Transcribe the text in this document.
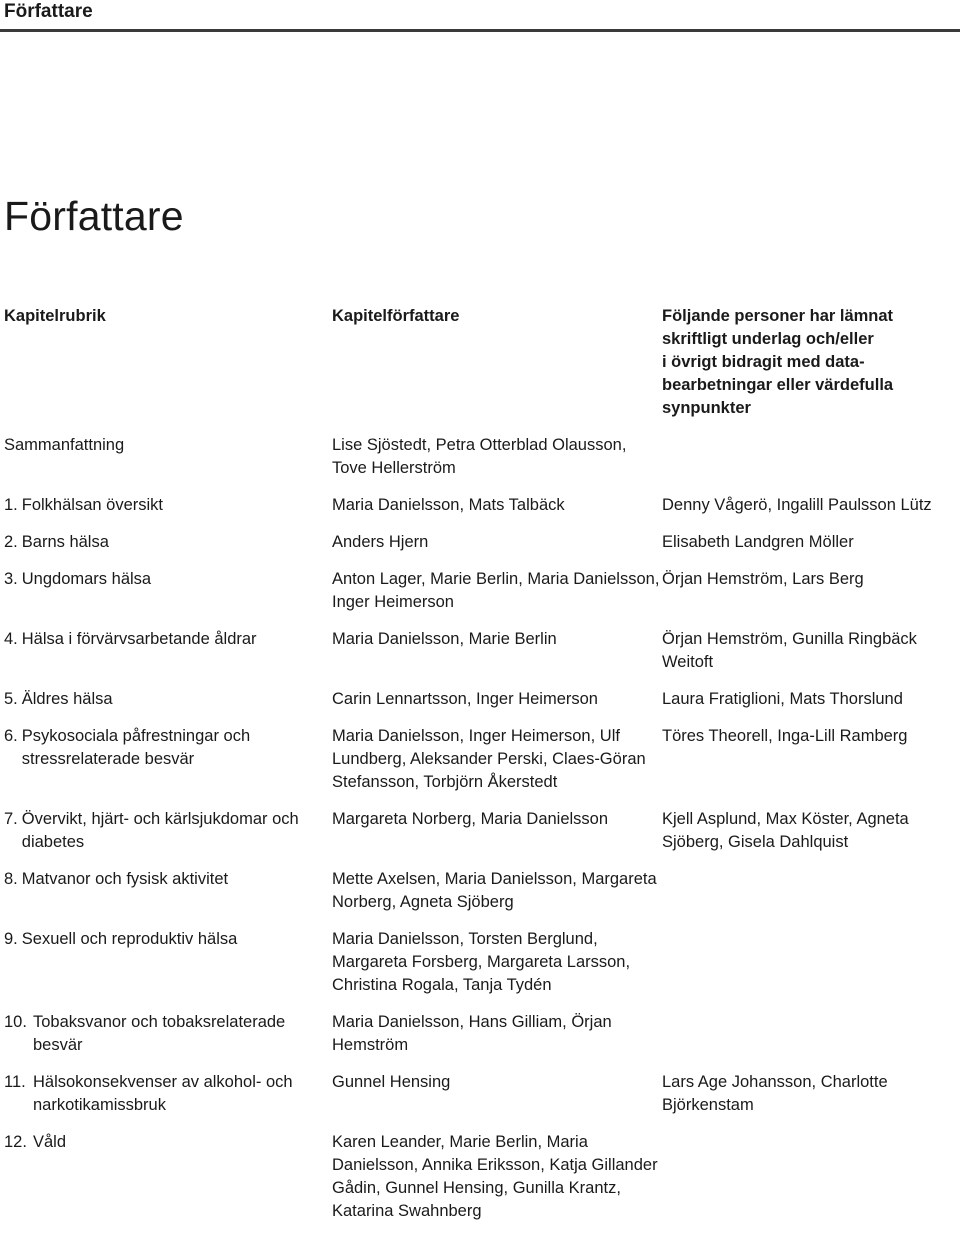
Författare
Författare
Kapitelrubrik	Kapitelförfattare	Följande personer har lämnat
skriftligt underlag och/eller
i övrigt bidragit med data-
bearbetningar eller värdefulla
synpunkter
Sammanfattning	Lise Sjöstedt, Petra Otterblad Olausson, Tove Hellerström	

1. Folkhälsan översikt	Maria Danielsson, Mats Talbäck	Denny Vågerö, Ingalill Paulsson Lütz

2. Barns hälsa	Anders Hjern	Elisabeth Landgren Möller

3. Ungdomars hälsa	Anton Lager, Marie Berlin, Maria Danielsson, Inger Heimerson	Örjan Hemström, Lars Berg

4. Hälsa i förvärvsarbetande åldrar	Maria Danielsson, Marie Berlin	Örjan Hemström, Gunilla Ringbäck Weitoft

5. Äldres hälsa	Carin Lennartsson, Inger Heimerson	Laura Fratiglioni, Mats Thorslund

6. Psykosociala påfrestningar och stressrelaterade besvär	Maria Danielsson, Inger Heimerson, Ulf Lundberg, Aleksander Perski, Claes-Göran Stefansson, Torbjörn Åkerstedt	Töres Theorell, Inga-Lill Ramberg

7. Övervikt, hjärt- och kärlsjukdomar och diabetes	Margareta Norberg, Maria Danielsson	Kjell Asplund, Max Köster, Agneta Sjöberg, Gisela Dahlquist

8. Matvanor och fysisk aktivitet	Mette Axelsen, Maria Danielsson, Margareta Norberg, Agneta Sjöberg	

9. Sexuell och reproduktiv hälsa	Maria Danielsson, Torsten Berglund, Margareta Forsberg, Margareta Larsson, Christina Rogala, Tanja Tydén	

10. Tobaksvanor och tobaksrelaterade besvär	Maria Danielsson, Hans Gilliam, Örjan Hemström	

11. Hälsokonsekvenser av alkohol- och narkotikamissbruk	Gunnel Hensing	Lars Age Johansson, Charlotte Björkenstam

12. Våld	Karen Leander, Marie Berlin, Maria Danielsson, Annika Eriksson, Katja Gillander Gådin, Gunnel Hensing, Gunilla Krantz, Katarina Swahnberg	
